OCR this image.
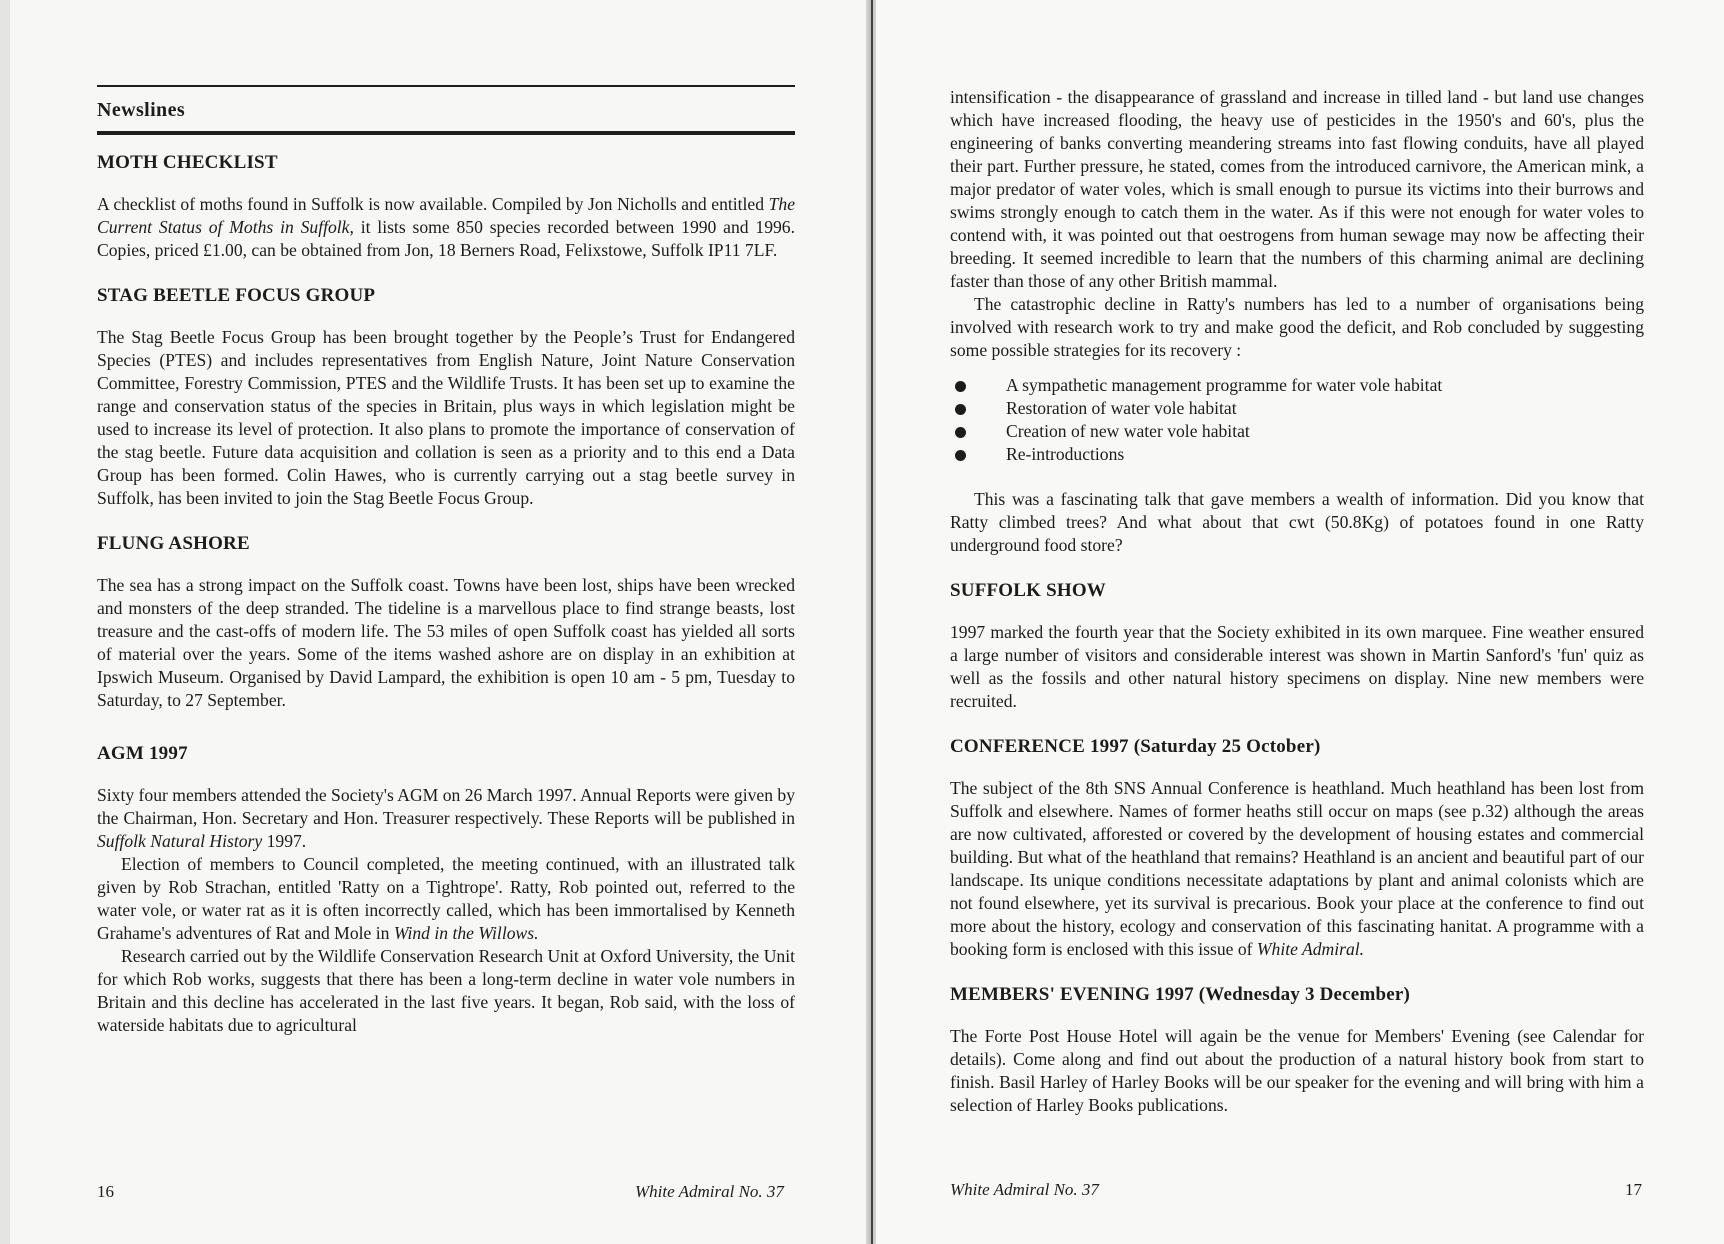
Newslines
MOTH CHECKLIST

A checklist of moths found in Suffolk is now available. Compiled by Jon Nicholls and entitled The Current Status of Moths in Suffolk, it lists some 850 species recorded between 1990 and 1996. Copies, priced £1.00, can be obtained from Jon, 18 Berners Road, Felixstowe, Suffolk IP11 7LF.

STAG BEETLE FOCUS GROUP

The Stag Beetle Focus Group has been brought together by the People’s Trust for Endangered Species (PTES) and includes representatives from English Nature, Joint Nature Conservation Committee, Forestry Commission, PTES and the Wildlife Trusts. It has been set up to examine the range and conservation status of the species in Britain, plus ways in which legislation might be used to increase its level of protection. It also plans to promote the importance of conservation of the stag beetle. Future data acquisition and collation is seen as a priority and to this end a Data Group has been formed. Colin Hawes, who is currently carrying out a stag beetle survey in Suffolk, has been invited to join the Stag Beetle Focus Group.

FLUNG ASHORE

The sea has a strong impact on the Suffolk coast. Towns have been lost, ships have been wrecked and monsters of the deep stranded. The tideline is a marvellous place to find strange beasts, lost treasure and the cast-offs of modern life. The 53 miles of open Suffolk coast has yielded all sorts of material over the years. Some of the items washed ashore are on display in an exhibition at Ipswich Museum. Organised by David Lampard, the exhibition is open 10 am - 5 pm, Tuesday to Saturday, to 27 September.

AGM 1997

Sixty four members attended the Society's AGM on 26 March 1997. Annual Reports were given by the Chairman, Hon. Secretary and Hon. Treasurer respectively. These Reports will be published in Suffolk Natural History 1997.

Election of members to Council completed, the meeting continued, with an illustrated talk given by Rob Strachan, entitled 'Ratty on a Tightrope'. Ratty, Rob pointed out, referred to the water vole, or water rat as it is often incorrectly called, which has been immortalised by Kenneth Grahame's adventures of Rat and Mole in Wind in the Willows.

Research carried out by the Wildlife Conservation Research Unit at Oxford University, the Unit for which Rob works, suggests that there has been a long-term decline in water vole numbers in Britain and this decline has accelerated in the last five years. It began, Rob said, with the loss of waterside habitats due to agricultural

16	White Admiral No. 37

intensification - the disappearance of grassland and increase in tilled land - but land use changes which have increased flooding, the heavy use of pesticides in the 1950's and 60's, plus the engineering of banks converting meandering streams into fast flowing conduits, have all played their part. Further pressure, he stated, comes from the introduced carnivore, the American mink, a major predator of water voles, which is small enough to pursue its victims into their burrows and swims strongly enough to catch them in the water. As if this were not enough for water voles to contend with, it was pointed out that oestrogens from human sewage may now be affecting their breeding. It seemed incredible to learn that the numbers of this charming animal are declining faster than those of any other British mammal.

The catastrophic decline in Ratty's numbers has led to a number of organisations being involved with research work to try and make good the deficit, and Rob concluded by suggesting some possible strategies for its recovery :

A sympathetic management programme for water vole habitat
Restoration of water vole habitat
Creation of new water vole habitat
Re-introductions

This was a fascinating talk that gave members a wealth of information. Did you know that Ratty climbed trees? And what about that cwt (50.8Kg) of potatoes found in one Ratty underground food store?

SUFFOLK SHOW

1997 marked the fourth year that the Society exhibited in its own marquee. Fine weather ensured a large number of visitors and considerable interest was shown in Martin Sanford's 'fun' quiz as well as the fossils and other natural history specimens on display. Nine new members were recruited.

CONFERENCE 1997 (Saturday 25 October)

The subject of the 8th SNS Annual Conference is heathland. Much heathland has been lost from Suffolk and elsewhere. Names of former heaths still occur on maps (see p.32) although the areas are now cultivated, afforested or covered by the development of housing estates and commercial building. But what of the heathland that remains? Heathland is an ancient and beautiful part of our landscape. Its unique conditions necessitate adaptations by plant and animal colonists which are not found elsewhere, yet its survival is precarious. Book your place at the conference to find out more about the history, ecology and conservation of this fascinating hanitat. A programme with a booking form is enclosed with this issue of White Admiral.

MEMBERS' EVENING 1997 (Wednesday 3 December)

The Forte Post House Hotel will again be the venue for Members' Evening (see Calendar for details). Come along and find out about the production of a natural history book from start to finish. Basil Harley of Harley Books will be our speaker for the evening and will bring with him a selection of Harley Books publications.

White Admiral No. 37	17
